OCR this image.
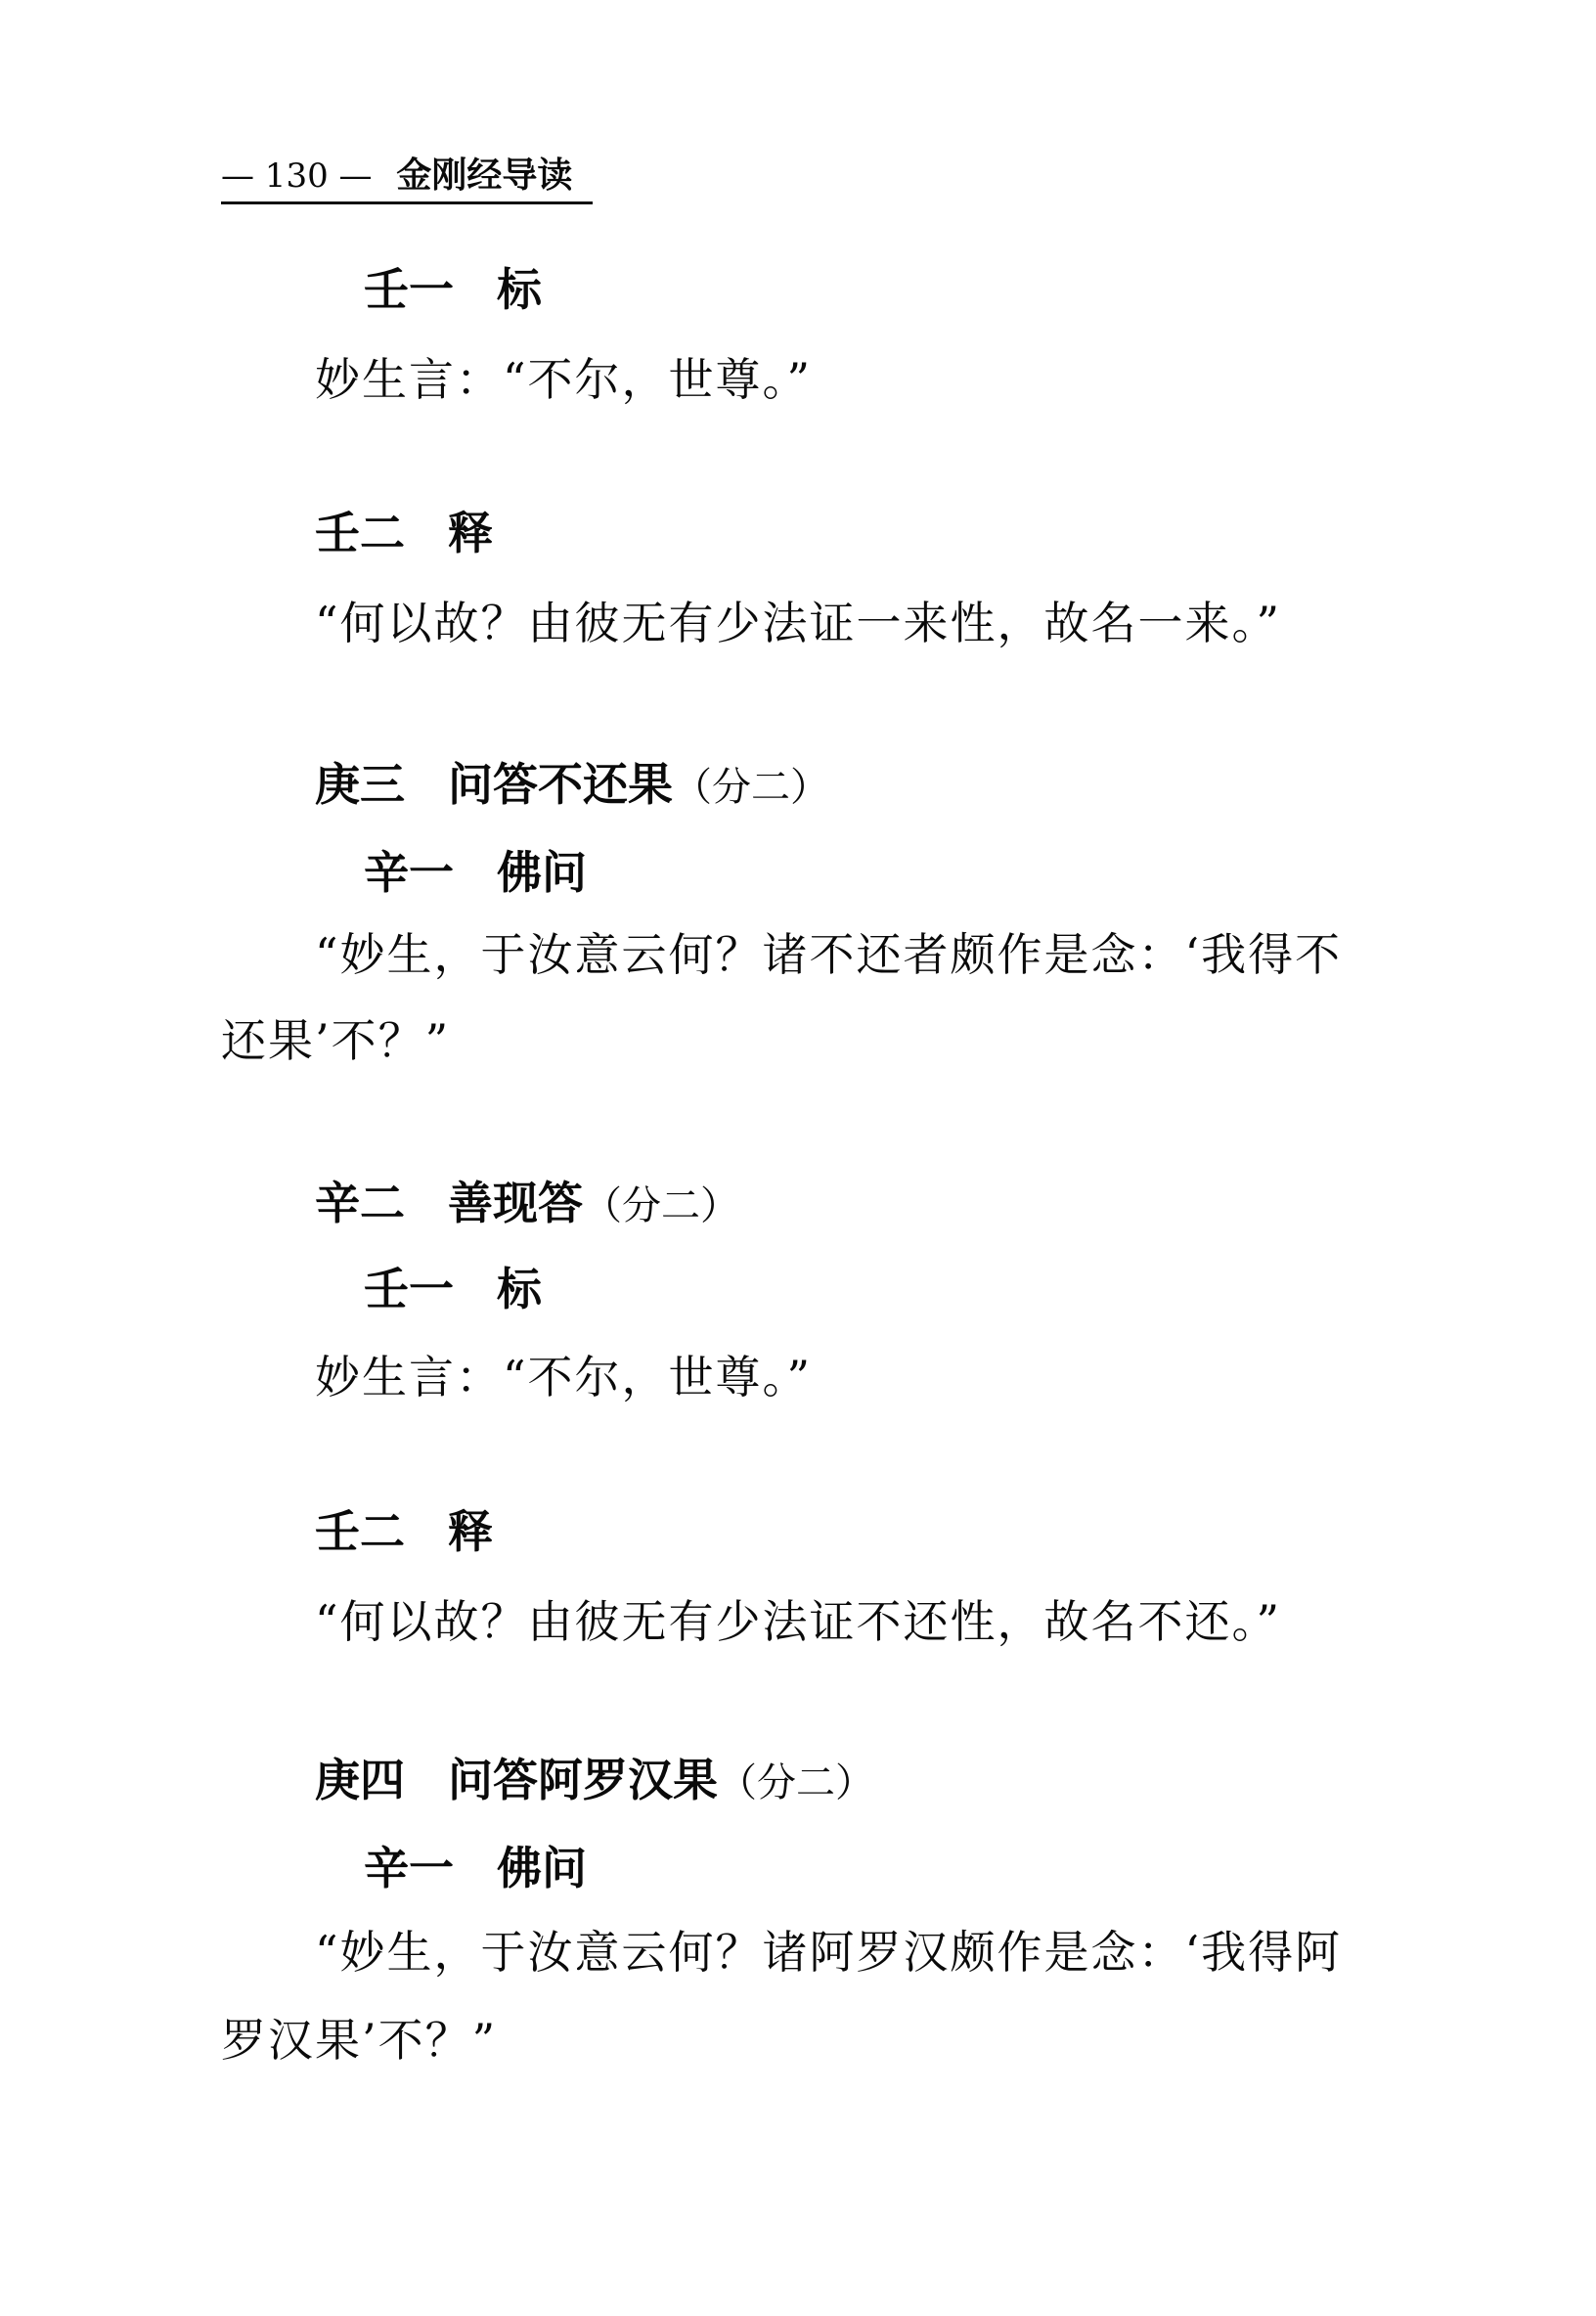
— 130 — 金刚经导读
壬一 标
妙生言：“不尔，世尊。”
壬二 释
“何以故？由彼无有少法证一来性，故名一来。”
庚三 问答不还果（分二）
辛一 佛问
“妙生，于汝意云何？诸不还者颇作是念：‘我得不
还果’不？”
辛二 善现答（分二）
壬一 标
妙生言：“不尔，世尊。”
壬二 释
“何以故？由彼无有少法证不还性，故名不还。”
庚四 问答阿罗汉果（分二）
辛一 佛问
“妙生，于汝意云何？诸阿罗汉颇作是念：‘我得阿
罗汉果’不？”
